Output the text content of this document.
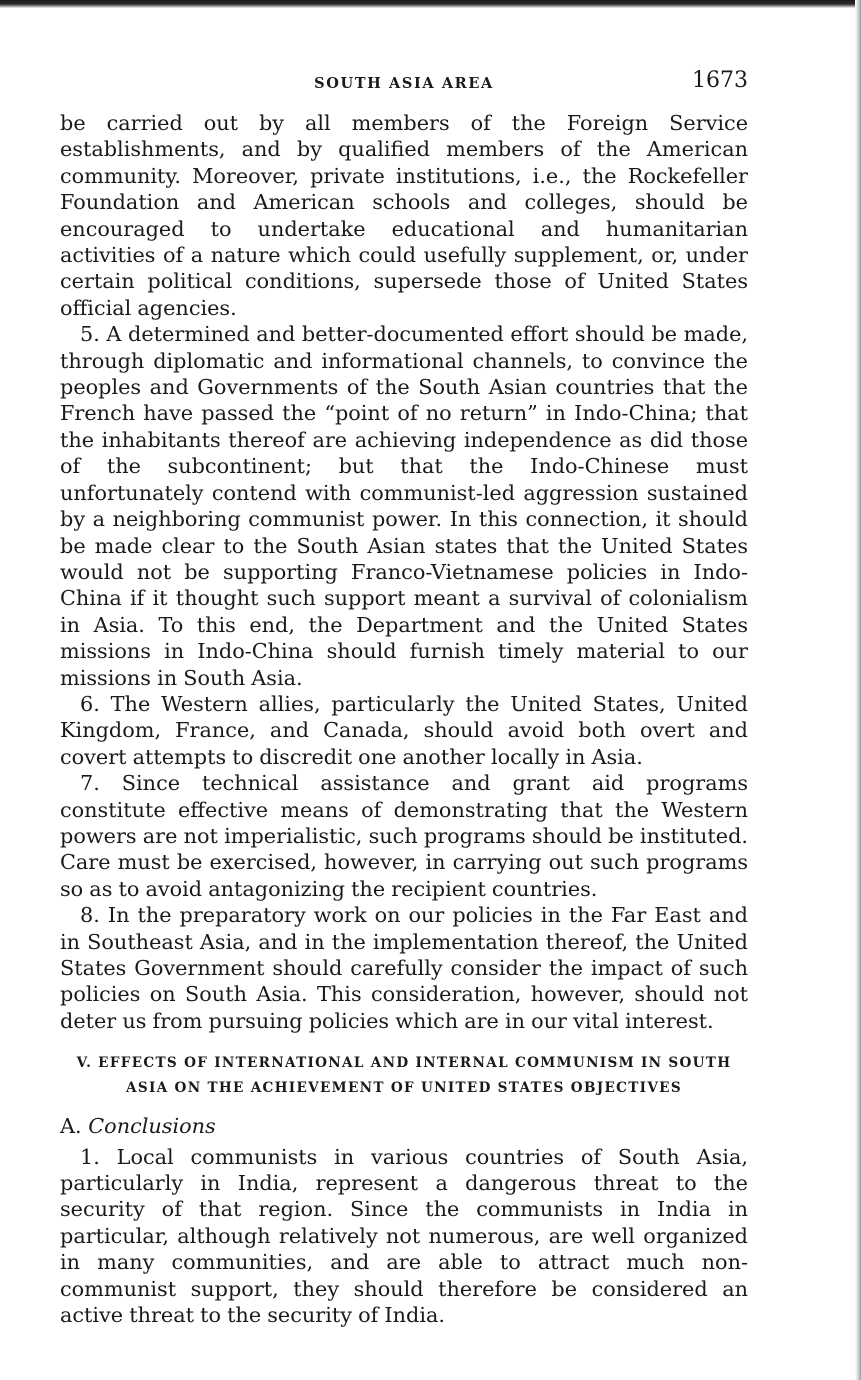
SOUTH ASIA AREA	1673

be carried out by all members of the Foreign Service establishments, and by qualified members of the American community. Moreover, private institutions, i.e., the Rockefeller Foundation and American schools and colleges, should be encouraged to undertake educational and humanitarian activities of a nature which could usefully supplement, or, under certain political conditions, supersede those of United States official agencies.

5. A determined and better-documented effort should be made, through diplomatic and informational channels, to convince the peoples and Governments of the South Asian countries that the French have passed the “point of no return” in Indo-China; that the inhabitants thereof are achieving independence as did those of the subcontinent; but that the Indo-Chinese must unfortunately contend with communist-led aggression sustained by a neighboring communist power. In this connection, it should be made clear to the South Asian states that the United States would not be supporting Franco-Vietnamese policies in Indo-China if it thought such support meant a survival of colonialism in Asia. To this end, the Department and the United States missions in Indo-China should furnish timely material to our missions in South Asia.

6. The Western allies, particularly the United States, United Kingdom, France, and Canada, should avoid both overt and covert attempts to discredit one another locally in Asia.

7. Since technical assistance and grant aid programs constitute effective means of demonstrating that the Western powers are not imperialistic, such programs should be instituted. Care must be exercised, however, in carrying out such programs so as to avoid antagonizing the recipient countries.

8. In the preparatory work on our policies in the Far East and in Southeast Asia, and in the implementation thereof, the United States Government should carefully consider the impact of such policies on South Asia. This consideration, however, should not deter us from pursuing policies which are in our vital interest.

V. EFFECTS OF INTERNATIONAL AND INTERNAL COMMUNISM IN SOUTH
ASIA ON THE ACHIEVEMENT OF UNITED STATES OBJECTIVES
A. Conclusions

1. Local communists in various countries of South Asia, particularly in India, represent a dangerous threat to the security of that region. Since the communists in India in particular, although relatively not numerous, are well organized in many communities, and are able to attract much non-communist support, they should therefore be considered an active threat to the security of India.
